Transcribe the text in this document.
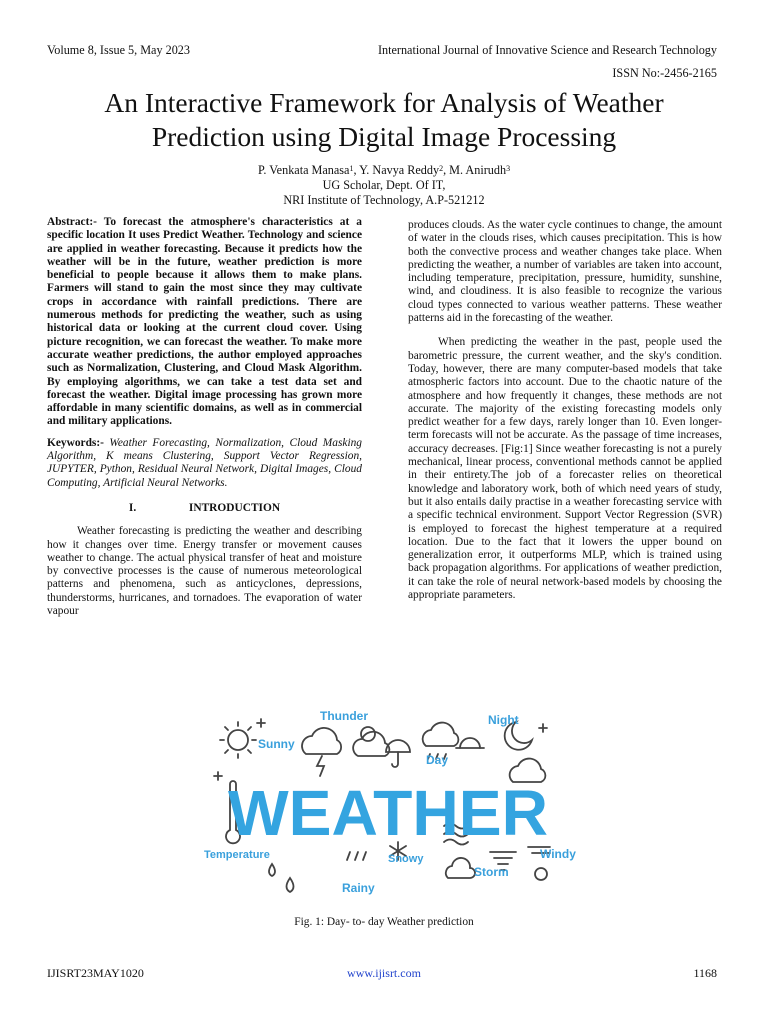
Volume 8, Issue 5, May 2023	International Journal of Innovative Science and Research Technology
ISSN No:-2456-2165
An Interactive Framework for Analysis of Weather
Prediction using Digital Image Processing
P. Venkata Manasa$^1$, Y. Navya Reddy$^2$, M. Anirudh$^3$
UG Scholar, Dept. Of IT,
NRI Institute of Technology, A.P-521212

Abstract:- To forecast the atmosphere's characteristics at a specific location It uses Predict Weather. Technology and science are applied in weather forecasting. Because it predicts how the weather will be in the future, weather prediction is more beneficial to people because it allows them to make plans. Farmers will stand to gain the most since they may cultivate crops in accordance with rainfall predictions. There are numerous methods for predicting the weather, such as using historical data or looking at the current cloud cover. Using picture recognition, we can forecast the weather. To make more accurate weather predictions, the author employed approaches such as Normalization, Clustering, and Cloud Mask Algorithm. By employing algorithms, we can take a test data set and forecast the weather. Digital image processing has grown more affordable in many scientific domains, as well as in commercial and military applications.

Keywords:- Weather Forecasting, Normalization, Cloud Masking Algorithm, K means Clustering, Support Vector Regression, JUPYTER, Python, Residual Neural Network, Digital Images, Cloud Computing, Artificial Neural Networks.

I.	INTRODUCTION

Weather forecasting is predicting the weather and describing how it changes over time. Energy transfer or movement causes weather to change. The actual physical transfer of heat and moisture by convective processes is the cause of numerous meteorological patterns and phenomena, such as anticyclones, depressions, thunderstorms, hurricanes, and tornadoes. The evaporation of water vapour

produces clouds. As the water cycle continues to change, the amount of water in the clouds rises, which causes precipitation. This is how both the convective process and weather changes take place. When predicting the weather, a number of variables are taken into account, including temperature, precipitation, pressure, humidity, sunshine, wind, and cloudiness. It is also feasible to recognize the various cloud types connected to various weather patterns. These weather patterns aid in the forecasting of the weather.

When predicting the weather in the past, people used the barometric pressure, the current weather, and the sky's condition. Today, however, there are many computer-based models that take atmospheric factors into account. Due to the chaotic nature of the atmosphere and how frequently it changes, these methods are not accurate. The majority of the existing forecasting models only predict weather for a few days, rarely longer than 10. Even longer-term forecasts will not be accurate. As the passage of time increases, accuracy decreases. [Fig:1] Since weather forecasting is not a purely mechanical, linear process, conventional methods cannot be applied in their entirety.The job of a forecaster relies on theoretical knowledge and laboratory work, both of which need years of study, but it also entails daily practise in a weather forecasting service with a specific technical environment. Support Vector Regression (SVR) is employed to forecast the highest temperature at a required location. Due to the fact that it lowers the upper bound on generalization error, it outperforms MLP, which is trained using back propagation algorithms. For applications of weather prediction, it can take the role of neural network-based models by choosing the appropriate parameters.

Sunny
Thunder	Night
Day
Temperature	Windy
Snowy
Storm
Rainy
WEATHER
Fig. 1: Day- to- day Weather prediction
IJISRT23MAY1020	www.ijisrt.com	1168
